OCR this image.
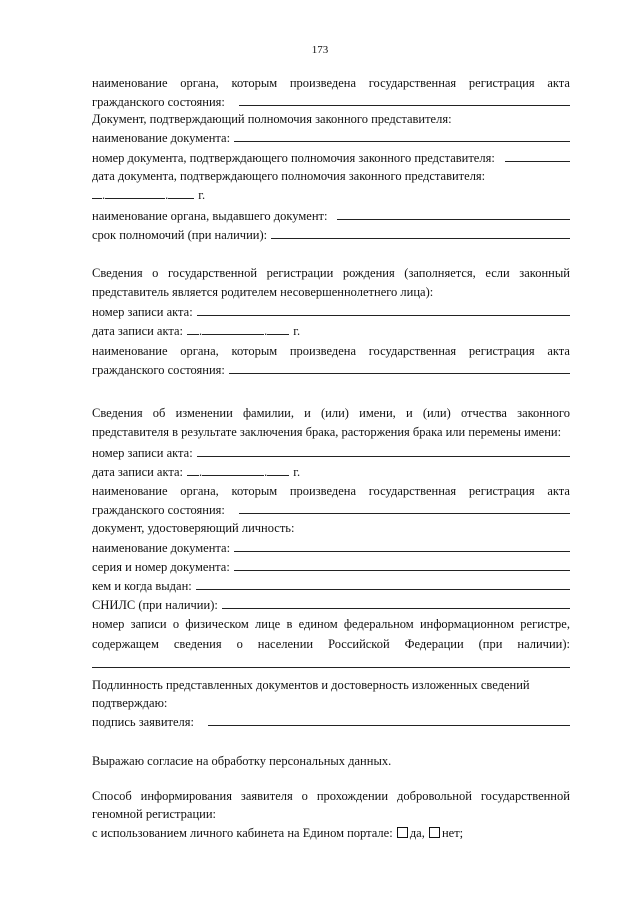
173
наименование органа, которым произведена государственная регистрация акта
гражданского состояния:
Документ, подтверждающий полномочия законного представителя:
наименование документа:
номер документа, подтверждающего полномочия законного представителя:
дата документа, подтверждающего полномочия законного представителя:
.	. г.
наименование органа, выдавшего документ:
срок полномочий (при наличии):
Сведения о государственной регистрации рождения (заполняется, если законный
представитель является родителем несовершеннолетнего лица):
номер записи акта:
дата записи акта: .	. г.
наименование органа, которым произведена государственная регистрация акта
гражданского состояния:
Сведения об изменении фамилии, и (или) имени, и (или) отчества законного
представителя в результате заключения брака, расторжения брака или перемены имени:
номер записи акта:
дата записи акта: .	. г.
наименование органа, которым произведена государственная регистрация акта
гражданского состояния:
документ, удостоверяющий личность:
наименование документа:
серия и номер документа:
кем и когда выдан:
СНИЛС (при наличии):
номер записи о физическом лице в едином федеральном информационном регистре,
содержащем сведения о населении Российской Федерации (при наличии):
Подлинность представленных документов и достоверность изложенных сведений
подтверждаю:
подпись заявителя:
Выражаю согласие на обработку персональных данных.
Способ информирования заявителя о прохождении добровольной государственной
геномной регистрации:
с использованием личного кабинета на Едином портале: да, нет;
